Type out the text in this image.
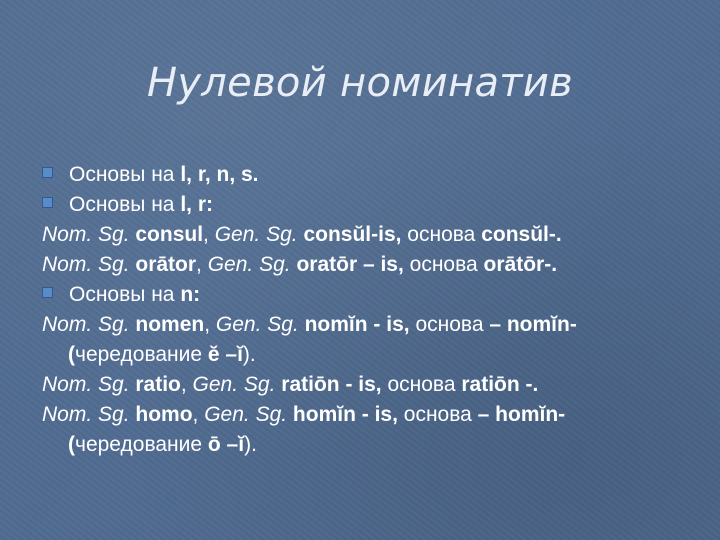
Нулевой номинатив
Основы на l, r, n, s.
Основы на l, r:
Nom. Sg. consul, Gen. Sg. consŭl-is, основа consŭl-.
Nom. Sg. orātor, Gen. Sg. oratōr – is, основа orātōr-.
Основы на n:
Nom. Sg. nomen, Gen. Sg. nomĭn - is, основа – nomĭn-
(чередование ĕ –ĭ).
Nom. Sg. ratio, Gen. Sg. ratiōn - is, основа ratiōn -.
Nom. Sg. homo, Gen. Sg. homĭn - is, основа – homĭn-
(чередование ō –ĭ).
